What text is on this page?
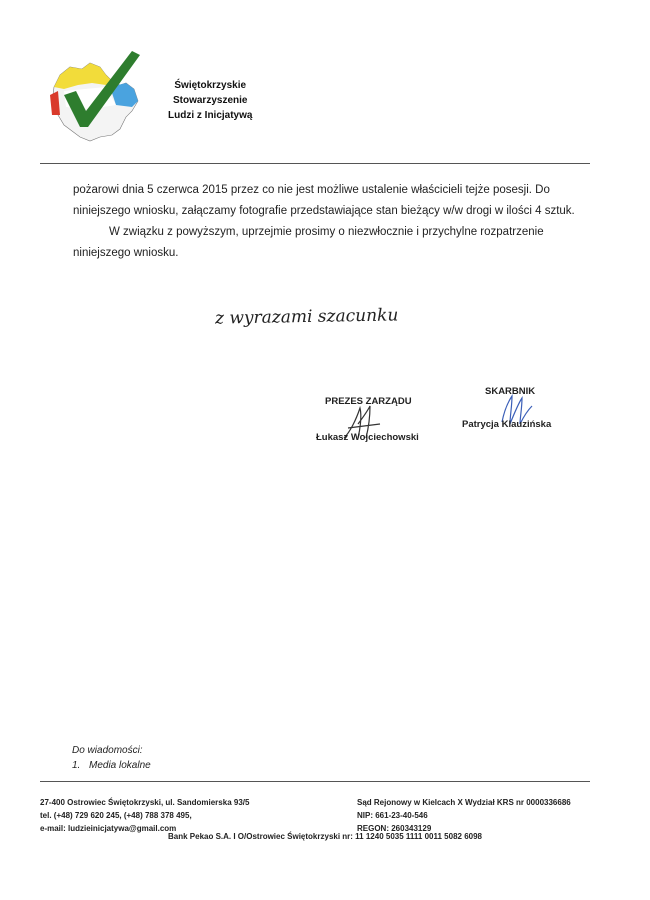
Świętokrzyskie
Stowarzyszenie
Ludzi z Inicjatywą

pożarowi dnia 5 czerwca 2015 przez co nie jest możliwe ustalenie właścicieli tejże posesji. Do niniejszego wniosku, załączamy fotografie przedstawiające stan bieżący w/w drogi w ilości 4 sztuk.

W związku z powyższym, uprzejmie prosimy o niezwłocznie i przychylne rozpatrzenie niniejszego wniosku.

z wyrazami szacunku
PREZES ZARZĄDU
Łukasz Wojciechowski
SKARBNIK
Patrycja Klauzińska
Do wiadomości:
1. Media lokalne
27-400 Ostrowiec Świętokrzyski, ul. Sandomierska 93/5
tel. (+48) 729 620 245, (+48) 788 378 495,
e-mail: ludzieinicjatywa@gmail.com
Sąd Rejonowy w Kielcach X Wydział KRS nr 0000336686
NIP: 661-23-40-546
REGON: 260343129
Bank Pekao S.A. I O/Ostrowiec Świętokrzyski nr: 11 1240 5035 1111 0011 5082 6098
